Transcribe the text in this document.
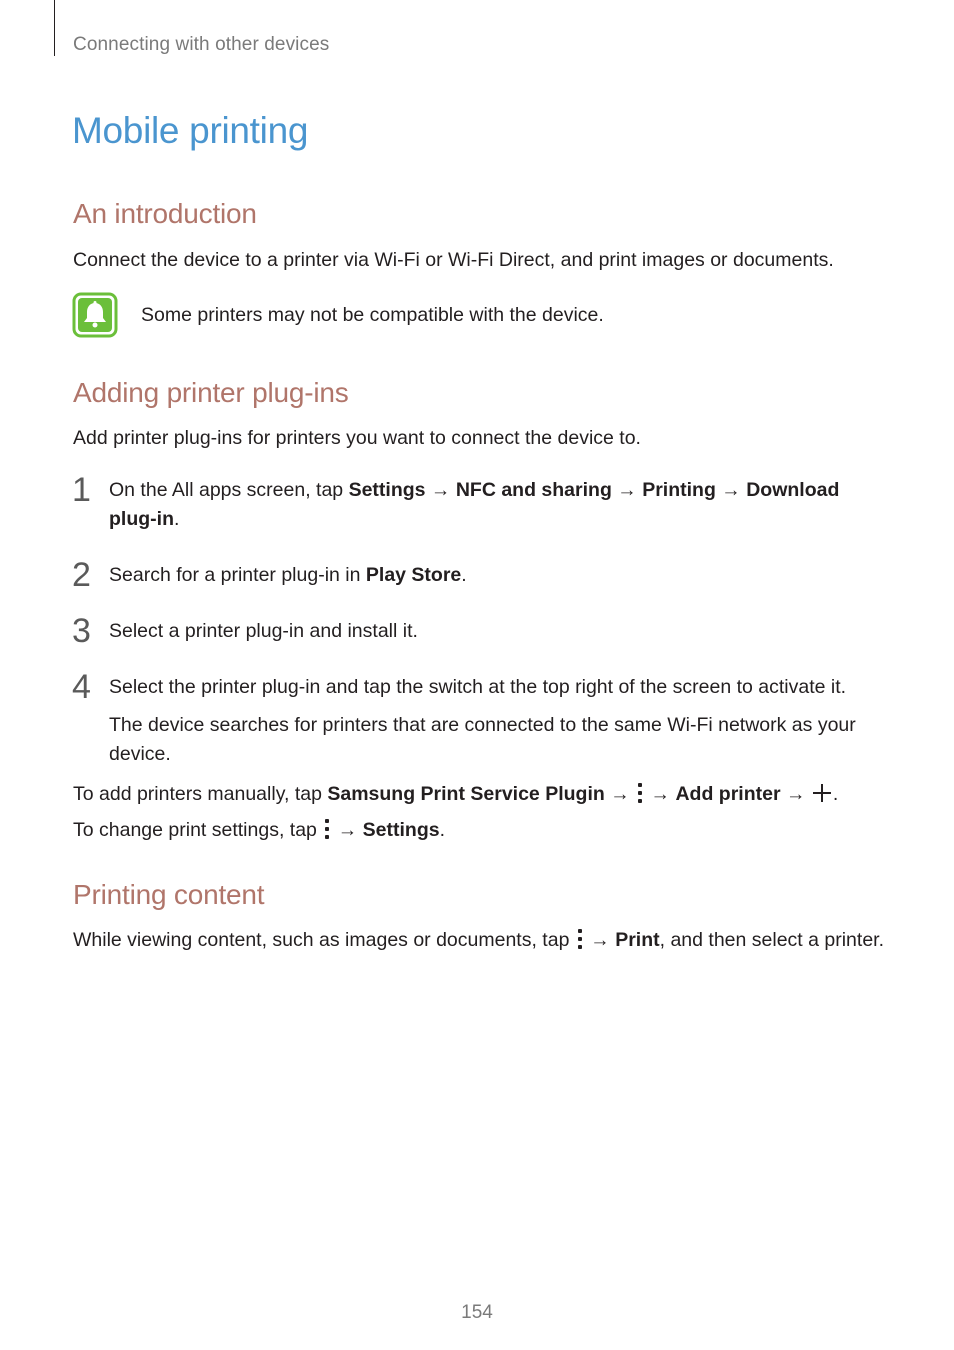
Connecting with other devices
Mobile printing
An introduction

Connect the device to a printer via Wi-Fi or Wi-Fi Direct, and print images or documents.

Some printers may not be compatible with the device.

Adding printer plug-ins

Add printer plug-ins for printers you want to connect the device to.

1 On the All apps screen, tap Settings → NFC and sharing → Printing → Download plug-in.

2 Search for a printer plug-in in Play Store.

3 Select a printer plug-in and install it.

4 Select the printer plug-in and tap the switch at the top right of the screen to activate it.

The device searches for printers that are connected to the same Wi-Fi network as your device.

To add printers manually, tap Samsung Print Service Plugin →
→ Add printer → .

To change print settings, tap
→ Settings.

Printing content

While viewing content, such as images or documents, tap
→ Print, and then select a printer.

154
